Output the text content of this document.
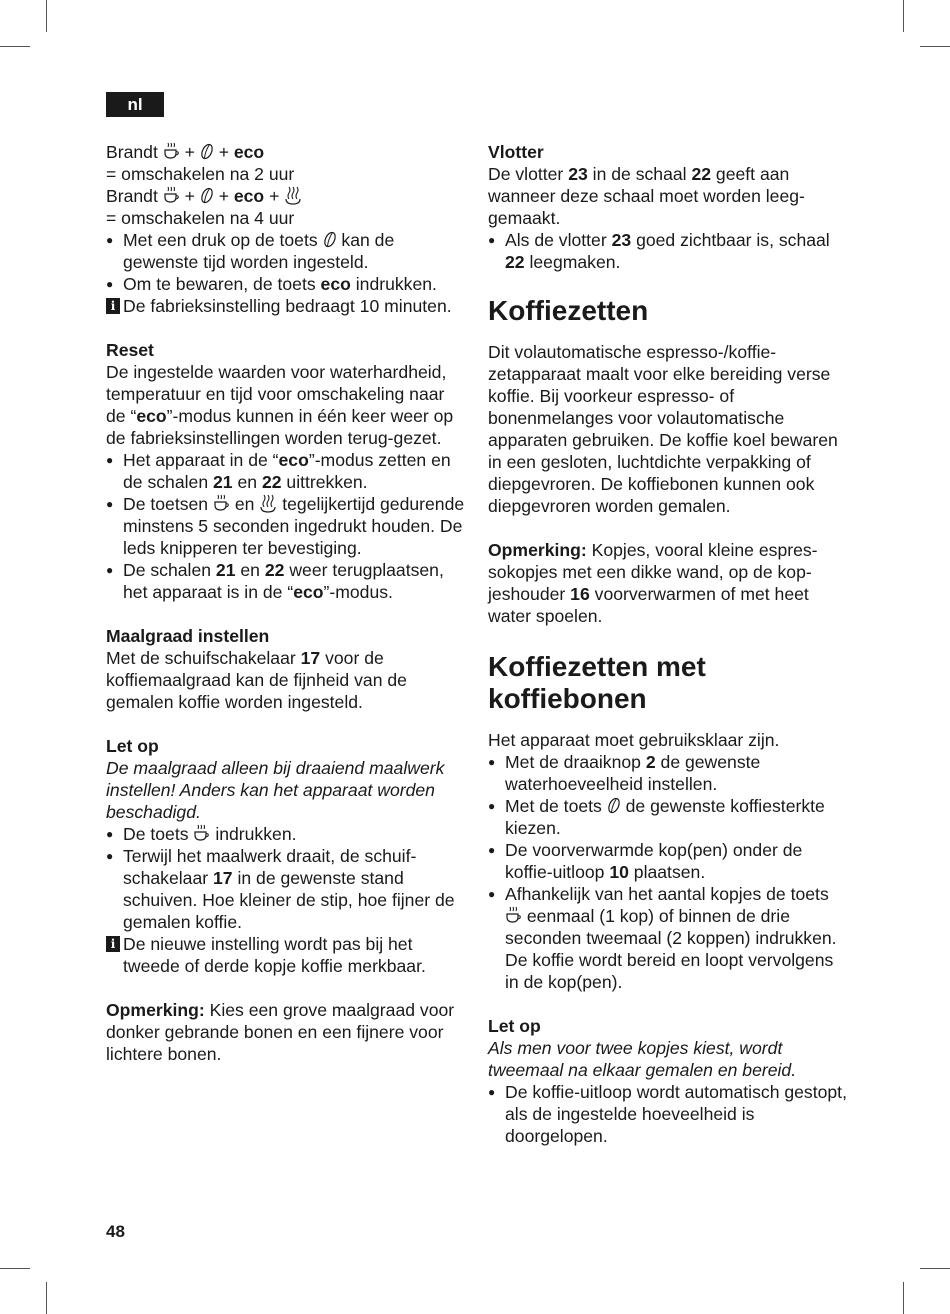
nl

Brandt + + eco

= omschakelen na 2 uur

Brandt + + eco +

= omschakelen na 4 uur

● Met een druk op de toets kan de gewenste tijd worden ingesteld.

● Om te bewaren, de toets eco indrukken.

i De fabrieksinstelling bedraagt 10 minuten.

Reset

De ingestelde waarden voor waterhardheid, temperatuur en tijd voor omschakeling naar de “eco”-modus kunnen in één keer weer op de fabrieksinstellingen worden terug-gezet.

● Het apparaat in de “eco”-modus zetten en de schalen 21 en 22 uittrekken.

● De toetsen en tegelijkertijd gedurende minstens 5 seconden ingedrukt houden. De leds knipperen ter bevestiging.

● De schalen 21 en 22 weer terugplaatsen, het apparaat is in de “eco”-modus.

Maalgraad instellen

Met de schuifschakelaar 17 voor de koffiemaalgraad kan de fijnheid van de gemalen koffie worden ingesteld.

Let op

De maalgraad alleen bij draaiend maalwerk instellen! Anders kan het apparaat worden beschadigd.

● De toets indrukken.

● Terwijl het maalwerk draait, de schuif-schakelaar 17 in de gewenste stand schuiven. Hoe kleiner de stip, hoe fijner de gemalen koffie.

i De nieuwe instelling wordt pas bij het tweede of derde kopje koffie merkbaar.

Opmerking: Kies een grove maalgraad voor donker gebrande bonen en een fijnere voor lichtere bonen.

Vlotter

De vlotter 23 in de schaal 22 geeft aan wanneer deze schaal moet worden leeg-gemaakt.

● Als de vlotter 23 goed zichtbaar is, schaal 22 leegmaken.

Koffiezetten

Dit volautomatische espresso-/koffie-zetapparaat maalt voor elke bereiding verse koffie. Bij voorkeur espresso- of bonenmelanges voor volautomatische apparaten gebruiken. De koffie koel bewaren in een gesloten, luchtdichte verpakking of diepgevroren. De koffiebonen kunnen ook diepgevroren worden gemalen.

Opmerking: Kopjes, vooral kleine espres-sokopjes met een dikke wand, op de kop-jeshouder 16 voorverwarmen of met heet water spoelen.

Koffiezetten met koffiebonen

Het apparaat moet gebruiksklaar zijn.

● Met de draaiknop 2 de gewenste waterhoeveelheid instellen.

● Met de toets de gewenste koffiesterkte kiezen.

● De voorverwarmde kop(pen) onder de koffie-uitloop 10 plaatsen.

● Afhankelijk van het aantal kopjes de toets  eenmaal (1 kop) of binnen de drie seconden tweemaal (2 koppen) indrukken. De koffie wordt bereid en loopt vervolgens in de kop(pen).

Let op

Als men voor twee kopjes kiest, wordt tweemaal na elkaar gemalen en bereid.

● De koffie-uitloop wordt automatisch gestopt, als de ingestelde hoeveelheid is doorgelopen.

48
